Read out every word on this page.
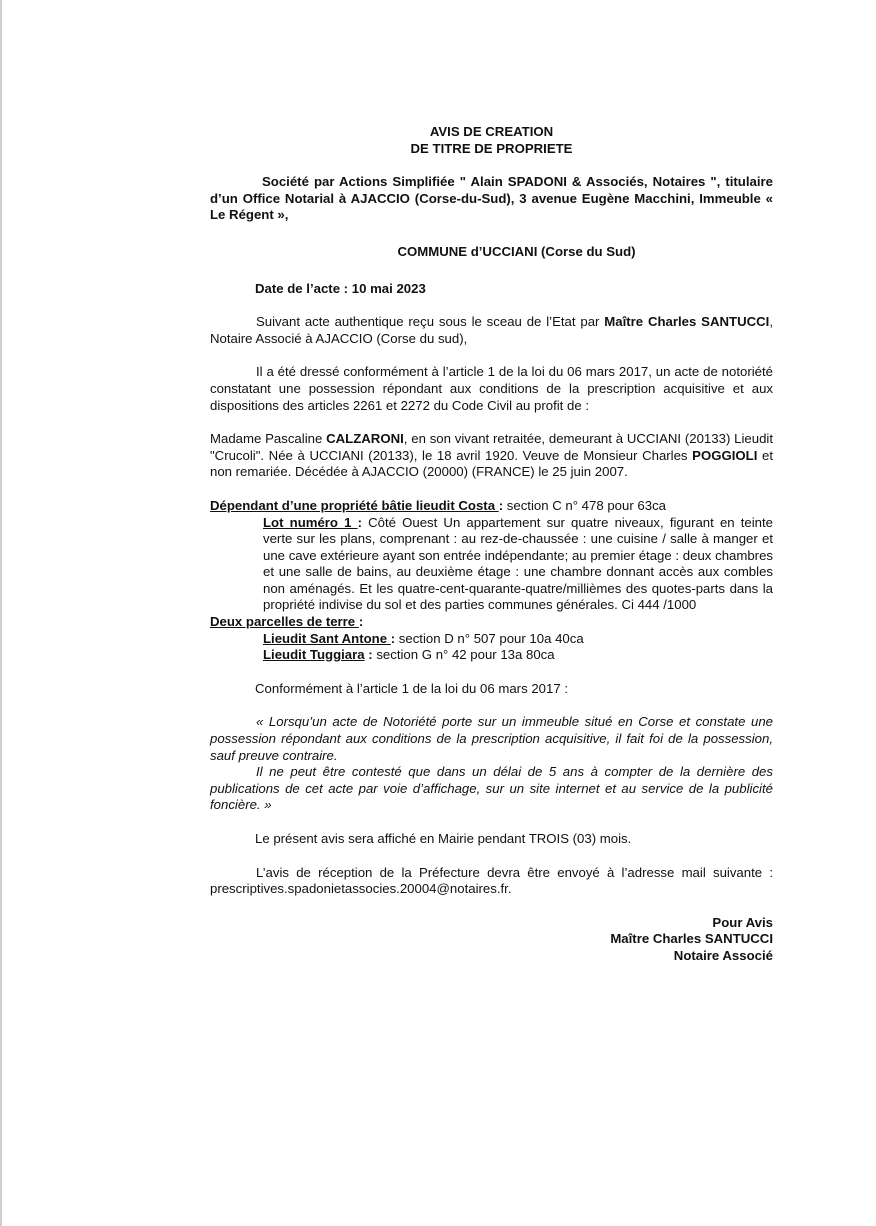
AVIS DE CREATION

DE TITRE DE PROPRIETE

Société par Actions Simplifiée " Alain SPADONI & Associés, Notaires ", titulaire d’un Office Notarial à AJACCIO (Corse-du-Sud), 3 avenue Eugène Macchini, Immeuble « Le Régent »,

COMMUNE d’UCCIANI (Corse du Sud)

Date de l’acte : 10 mai 2023

Suivant acte authentique reçu sous le sceau de l’Etat par Maître Charles SANTUCCI, Notaire Associé à AJACCIO (Corse du sud),

Il a été dressé conformément à l’article 1 de la loi du 06 mars 2017, un acte de notoriété constatant une possession répondant aux conditions de la prescription acquisitive et aux dispositions des articles 2261 et 2272 du Code Civil au profit de :

Madame Pascaline CALZARONI, en son vivant retraitée, demeurant à UCCIANI (20133) Lieudit "Crucoli". Née à UCCIANI (20133), le 18 avril 1920. Veuve de Monsieur Charles POGGIOLI et non remariée. Décédée à AJACCIO (20000) (FRANCE) le 25 juin 2007.

Dépendant d’une propriété bâtie lieudit Costa : section C n° 478 pour 63ca

Lot numéro 1 : Côté Ouest Un appartement sur quatre niveaux, figurant en teinte verte sur les plans, comprenant : au rez-de-chaussée : une cuisine / salle à manger et une cave extérieure ayant son entrée indépendante; au premier étage : deux chambres et une salle de bains, au deuxième étage : une chambre donnant accès aux combles non aménagés. Et les quatre-cent-quarante-quatre/millièmes des quotes-parts dans la propriété indivise du sol et des parties communes générales. Ci 444 /1000

Deux parcelles de terre :

Lieudit Sant Antone : section D n° 507 pour 10a 40ca

Lieudit Tuggiara : section G n° 42 pour 13a 80ca

Conformément à l’article 1 de la loi du 06 mars 2017 :

« Lorsqu’un acte de Notoriété porte sur un immeuble situé en Corse et constate une possession répondant aux conditions de la prescription acquisitive, il fait foi de la possession, sauf preuve contraire.

Il ne peut être contesté que dans un délai de 5 ans à compter de la dernière des publications de cet acte par voie d’affichage, sur un site internet et au service de la publicité foncière. »

Le présent avis sera affiché en Mairie pendant TROIS (03) mois.

L’avis de réception de la Préfecture devra être envoyé à l’adresse mail suivante : prescriptives.spadonietassocies.20004@notaires.fr.

Pour Avis

Maître Charles SANTUCCI

Notaire Associé
